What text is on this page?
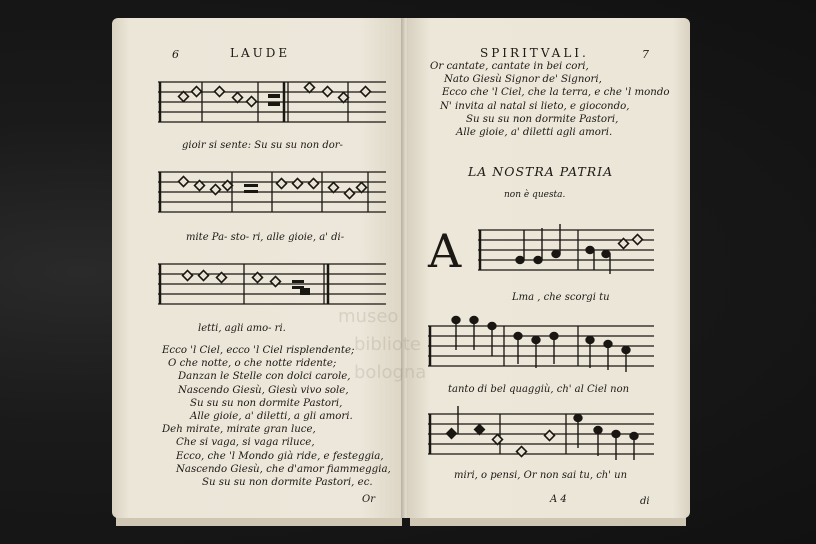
6	LAUDE
gioir si sente: Su su su non dor-
mite Pa- sto- ri, alle gioie, a' di-
letti, agli amo- ri.
Ecco 'l Ciel, ecco 'l Ciel risplendente;
O che notte, o che notte ridente;
Danzan le Stelle con dolci carole,
Nascendo Giesù, Giesù vivo sole,
Su su su non dormite Pastori,
Alle gioie, a' diletti, a gli amori.
Deh mirate, mirate gran luce,
Che si vaga, si vaga riluce,
Ecco, che 'l Mondo già ride, e festeggia,
Nascendo Giesù, che d'amor fiammeggia,
Su su su non dormite Pastori, ec.
Or
SPIRITVALI.	7
Or cantate, cantate in bei cori,
Nato Giesù Signor de' Signori,
Ecco che 'l Ciel, che la terra, e che 'l mondo
N' invita al natal si lieto, e giocondo,
Su su su non dormite Pastori,
Alle gioie, a' diletti agli amori.
LA NOSTRA PATRIA
non è questa.
A
Lma , che scorgi tu
tanto di bel quaggiù, ch' al Ciel non
miri, o pensi, Or non sai tu, ch' un
A 4	di
museo
bibliote
bologna
